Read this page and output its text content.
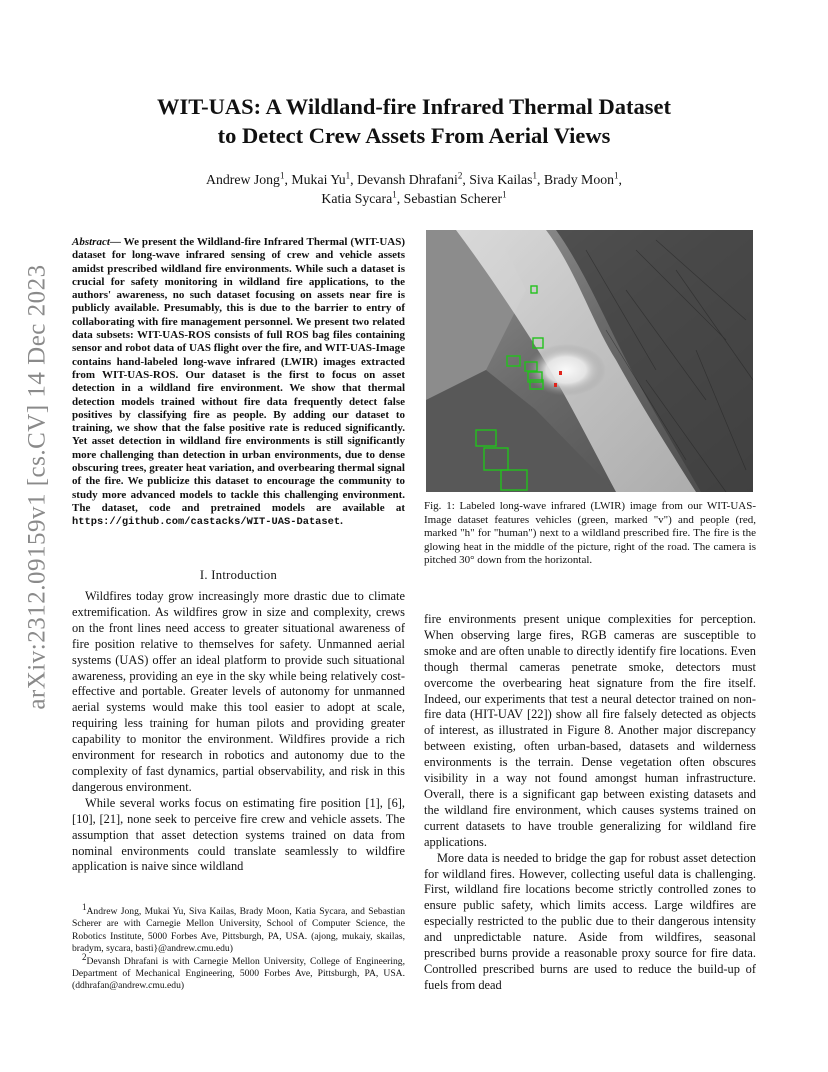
arXiv:2312.09159v1 [cs.CV] 14 Dec 2023
WIT-UAS: A Wildland-fire Infrared Thermal Dataset
to Detect Crew Assets From Aerial Views
Andrew Jong$^1$, Mukai Yu$^1$, Devansh Dhrafani$^2$, Siva Kailas$^1$, Brady Moon$^1$,
Katia Sycara$^1$, Sebastian Scherer$^1$
Abstract— We present the Wildland-fire Infrared Thermal (WIT-UAS) dataset for long-wave infrared sensing of crew and vehicle assets amidst prescribed wildland fire environments. While such a dataset is crucial for safety monitoring in wildland fire applications, to the authors' awareness, no such dataset focusing on assets near fire is publicly available. Presumably, this is due to the barrier to entry of collaborating with fire management personnel. We present two related data subsets: WIT-UAS-ROS consists of full ROS bag files containing sensor and robot data of UAS flight over the fire, and WIT-UAS-Image contains hand-labeled long-wave infrared (LWIR) images extracted from WIT-UAS-ROS. Our dataset is the first to focus on asset detection in a wildland fire environment. We show that thermal detection models trained without fire data frequently detect false positives by classifying fire as people. By adding our dataset to training, we show that the false positive rate is reduced significantly. Yet asset detection in wildland fire environments is still significantly more challenging than detection in urban environments, due to dense obscuring trees, greater heat variation, and overbearing thermal signal of the fire. We publicize this dataset to encourage the community to study more advanced models to tackle this challenging environment. The dataset, code and pretrained models are available at https://github.com/castacks/WIT-UAS-Dataset.
I. Introduction

Wildfires today grow increasingly more drastic due to climate extremification. As wildfires grow in size and complexity, crews on the front lines need access to greater situational awareness of fire position relative to themselves for safety. Unmanned aerial systems (UAS) offer an ideal platform to provide such situational awareness, providing an eye in the sky while being relatively cost-effective and portable. Greater levels of autonomy for unmanned aerial systems would make this tool easier to adopt at scale, requiring less training for human pilots and providing greater capability to monitor the environment. Wildfires provide a rich environment for research in robotics and autonomy due to the complexity of fast dynamics, partial observability, and risk in this dangerous environment.

While several works focus on estimating fire position [1], [6], [10], [21], none seek to perceive fire crew and vehicle assets. The assumption that asset detection systems trained on data from nominal environments could translate seamlessly to wildfire application is naive since wildland

$^1$Andrew Jong, Mukai Yu, Siva Kailas, Brady Moon, Katia Sycara, and Sebastian Scherer are with Carnegie Mellon University, School of Computer Science, the Robotics Institute, 5000 Forbes Ave, Pittsburgh, PA, USA. (ajong, mukaiy, skailas, bradym, sycara, basti}@andrew.cmu.edu)

$^2$Devansh Dhrafani is with Carnegie Mellon University, College of Engineering, Department of Mechanical Engineering, 5000 Forbes Ave, Pittsburgh, PA, USA. (ddhrafan@andrew.cmu.edu)

Fig. 1: Labeled long-wave infrared (LWIR) image from our WIT-UAS-Image dataset features vehicles (green, marked "v") and people (red, marked "h" for "human") next to a wildland prescribed fire. The fire is the glowing heat in the middle of the picture, right of the road. The camera is pitched 30° down from the horizontal.

fire environments present unique complexities for perception. When observing large fires, RGB cameras are susceptible to smoke and are often unable to directly identify fire locations. Even though thermal cameras penetrate smoke, detectors must overcome the overbearing heat signature from the fire itself. Indeed, our experiments that test a neural detector trained on non-fire data (HIT-UAV [22]) show all fire falsely detected as objects of interest, as illustrated in Figure 8. Another major discrepancy between existing, often urban-based, datasets and wilderness environments is the terrain. Dense vegetation often obscures visibility in a way not found amongst human infrastructure. Overall, there is a significant gap between existing datasets and the wildland fire environment, which causes systems trained on current datasets to have trouble generalizing for wildland fire applications.

More data is needed to bridge the gap for robust asset detection for wildland fires. However, collecting useful data is challenging. First, wildland fire locations become strictly controlled zones to ensure public safety, which limits access. Large wildfires are especially restricted to the public due to their dangerous intensity and unpredictable nature. Aside from wildfires, seasonal prescribed burns provide a reasonable proxy source for fire data. Controlled prescribed burns are used to reduce the build-up of fuels from dead
